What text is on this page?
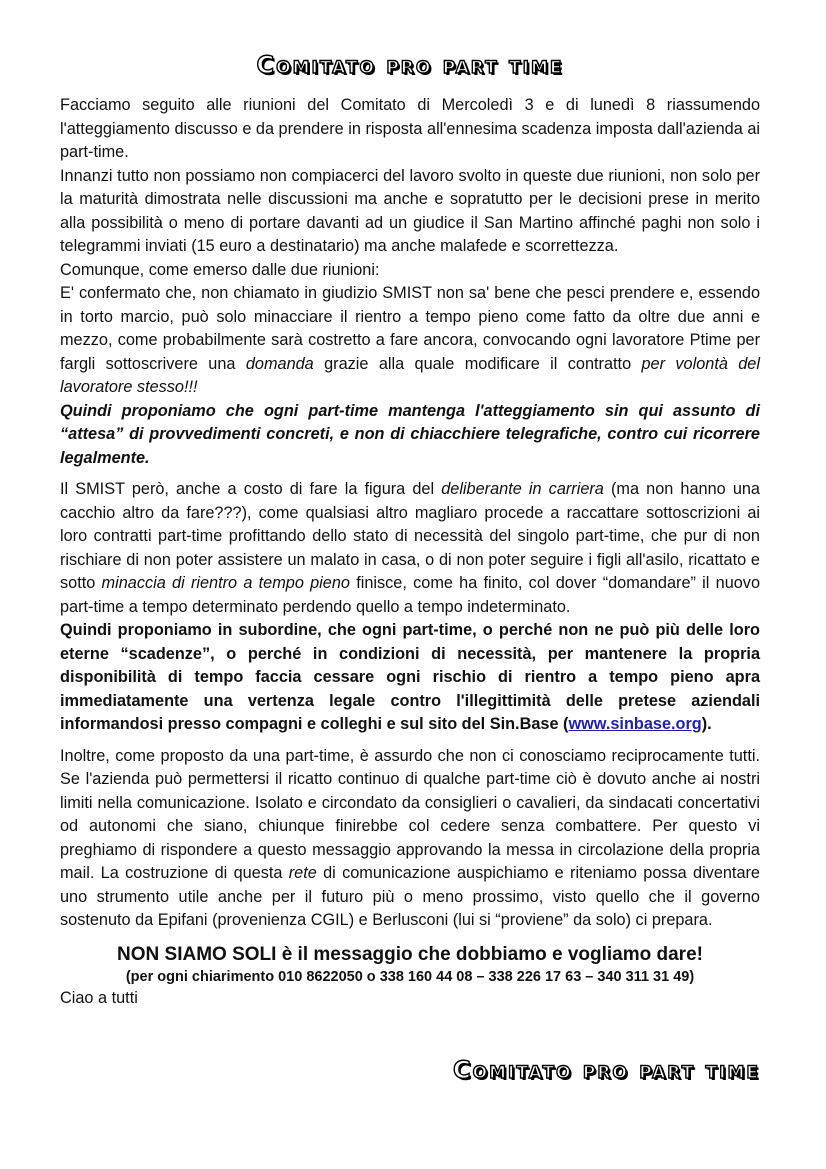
Comitato pro part time

Facciamo seguito alle riunioni del Comitato di Mercoledì 3 e di lunedì 8 riassumendo l'atteggiamento discusso e da prendere in risposta all'ennesima scadenza imposta dall'azienda ai part-time.

Innanzi tutto non possiamo non compiacerci del lavoro svolto in queste due riunioni, non solo per la maturità dimostrata nelle discussioni ma anche e sopratutto per le decisioni prese in merito alla possibilità o meno di portare davanti ad un giudice il San Martino affinché paghi non solo i telegrammi inviati (15 euro a destinatario) ma anche malafede e scorrettezza.

Comunque, come emerso dalle due riunioni:

E' confermato che, non chiamato in giudizio SMIST non sa' bene che pesci prendere e, essendo in torto marcio, può solo minacciare il rientro a tempo pieno come fatto da oltre due anni e mezzo, come probabilmente sarà costretto a fare ancora, convocando ogni lavoratore Ptime per fargli sottoscrivere una domanda grazie alla quale modificare il contratto per volontà del lavoratore stesso!!!

Quindi proponiamo che ogni part-time mantenga l'atteggiamento sin qui assunto di “attesa” di provvedimenti concreti, e non di chiacchiere telegrafiche, contro cui ricorrere legalmente.

Il SMIST però, anche a costo di fare la figura del deliberante in carriera (ma non hanno una cacchio altro da fare???), come qualsiasi altro magliaro procede a raccattare sottoscrizioni ai loro contratti part-time profittando dello stato di necessità del singolo part-time, che pur di non rischiare di non poter assistere un malato in casa, o di non poter seguire i figli all'asilo, ricattato e sotto minaccia di rientro a tempo pieno finisce, come ha finito, col dover “domandare” il nuovo part-time a tempo determinato perdendo quello a tempo indeterminato.

Quindi proponiamo in subordine, che ogni part-time, o perché non ne può più delle loro eterne “scadenze”, o perché in condizioni di necessità, per mantenere la propria disponibilità di tempo faccia cessare ogni rischio di rientro a tempo pieno apra immediatamente una vertenza legale contro l'illegittimità delle pretese aziendali informandosi presso compagni e colleghi e sul sito del Sin.Base (www.sinbase.org).

Inoltre, come proposto da una part-time, è assurdo che non ci conosciamo reciprocamente tutti. Se l'azienda può permettersi il ricatto continuo di qualche part-time ciò è dovuto anche ai nostri limiti nella comunicazione. Isolato e circondato da consiglieri o cavalieri, da sindacati concertativi od autonomi che siano, chiunque finirebbe col cedere senza combattere. Per questo vi preghiamo di rispondere a questo messaggio approvando la messa in circolazione della propria mail. La costruzione di questa rete di comunicazione auspichiamo e riteniamo possa diventare uno strumento utile anche per il futuro più o meno prossimo, visto quello che il governo sostenuto da Epifani (provenienza CGIL) e Berlusconi (lui si “proviene” da solo) ci prepara.

NON SIAMO SOLI è il messaggio che dobbiamo e vogliamo dare!
(per ogni chiarimento 010 8622050 o 338 160 44 08 – 338 226 17 63 – 340 311 31 49)

Ciao a tutti

Comitato pro part time
